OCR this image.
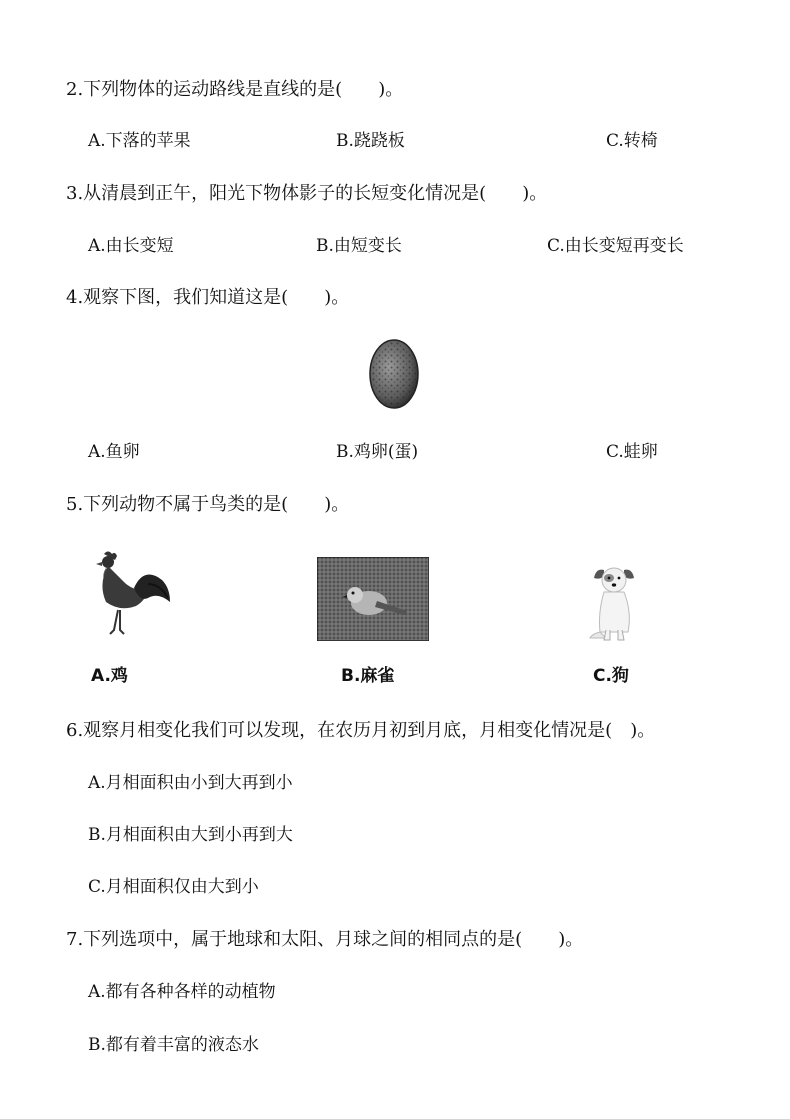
2.下列物体的运动路线是直线的是(　　)。
A.下落的苹果	B.跷跷板	C.转椅
3.从清晨到正午，阳光下物体影子的长短变化情况是(　　)。
A.由长变短	B.由短变长	C.由长变短再变长
4.观察下图，我们知道这是(　　)。
A.鱼卵	B.鸡卵(蛋)	C.蛙卵
5.下列动物不属于鸟类的是(　　)。
A.鸡	B.麻雀	C.狗
6.观察月相变化我们可以发现，在农历月初到月底，月相变化情况是(　)。
A.月相面积由小到大再到小
B.月相面积由大到小再到大
C.月相面积仅由大到小
7.下列选项中，属于地球和太阳、月球之间的相同点的是(　　)。
A.都有各种各样的动植物
B.都有着丰富的液态水
